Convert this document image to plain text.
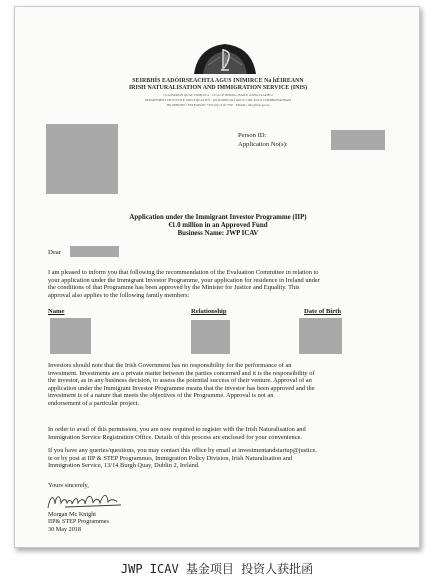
SEIRBHÍS EADÓIRSEACHTA AGUS INIMIRCE Na hÉIREANN
IRISH NATURALISATION AND IMMIGRATION SERVICE (INIS)
13/14 BURGH QUAY, DUBLIN 2 · 13/14 CÉ BHURG, BAILE ÁTHA CLIATH 2
DEPARTMENT OF JUSTICE AND EQUALITY · AN ROINN DLÍ AGUS CIRT AGUS COMHIONANNAIS
TELEPHONE / TELEAFÓN: +353 (0)1 616 7700 · EMAIL: info@inis.gov.ie
Person ID:
Application No(s):
Application under the Immigrant Investor Programme (IIP)
€1.0 million in an Approved Fund
Business Name: JWP ICAV
Dear
I am pleased to inform you that following the recommendation of the Evaluation Committee in relation to
your application under the Immigrant Investor Programme, your application for residence in Ireland under
the conditions of that Programme has been approved by the Minister for Justice and Equality. This
approval also applies to the following family members:
Name	Relationship	Date of Birth
Investors should note that the Irish Government has no responsibility for the performance of an
investment. Investments are a private matter between the parties concerned and it is the responsibility of
the investor, as in any business decision, to assess the potential success of their venture. Approval of an
application under the Immigrant Investor Programme means that the investor has been approved and the
investment is of a nature that meets the objectives of the Programme. Approval is not an
endorsement of a particular project.
In order to avail of this permission, you are now required to register with the Irish Naturalisation and
Immigration Service Registration Office. Details of this process are enclosed for your convenience.
If you have any queries/questions, you may contact this office by email at investmentandstartup@justice.
ie or by post at IIP & STEP Programmes, Immigration Policy Division, Irish Naturalisation and
Immigration Service, 13/14 Burgh Quay, Dublin 2, Ireland.
Yours sincerely,
Morgan Mc Knight
IIP& STEP Programmes
30 May 2018
JWP ICAV 基金项目 投资人获批函
